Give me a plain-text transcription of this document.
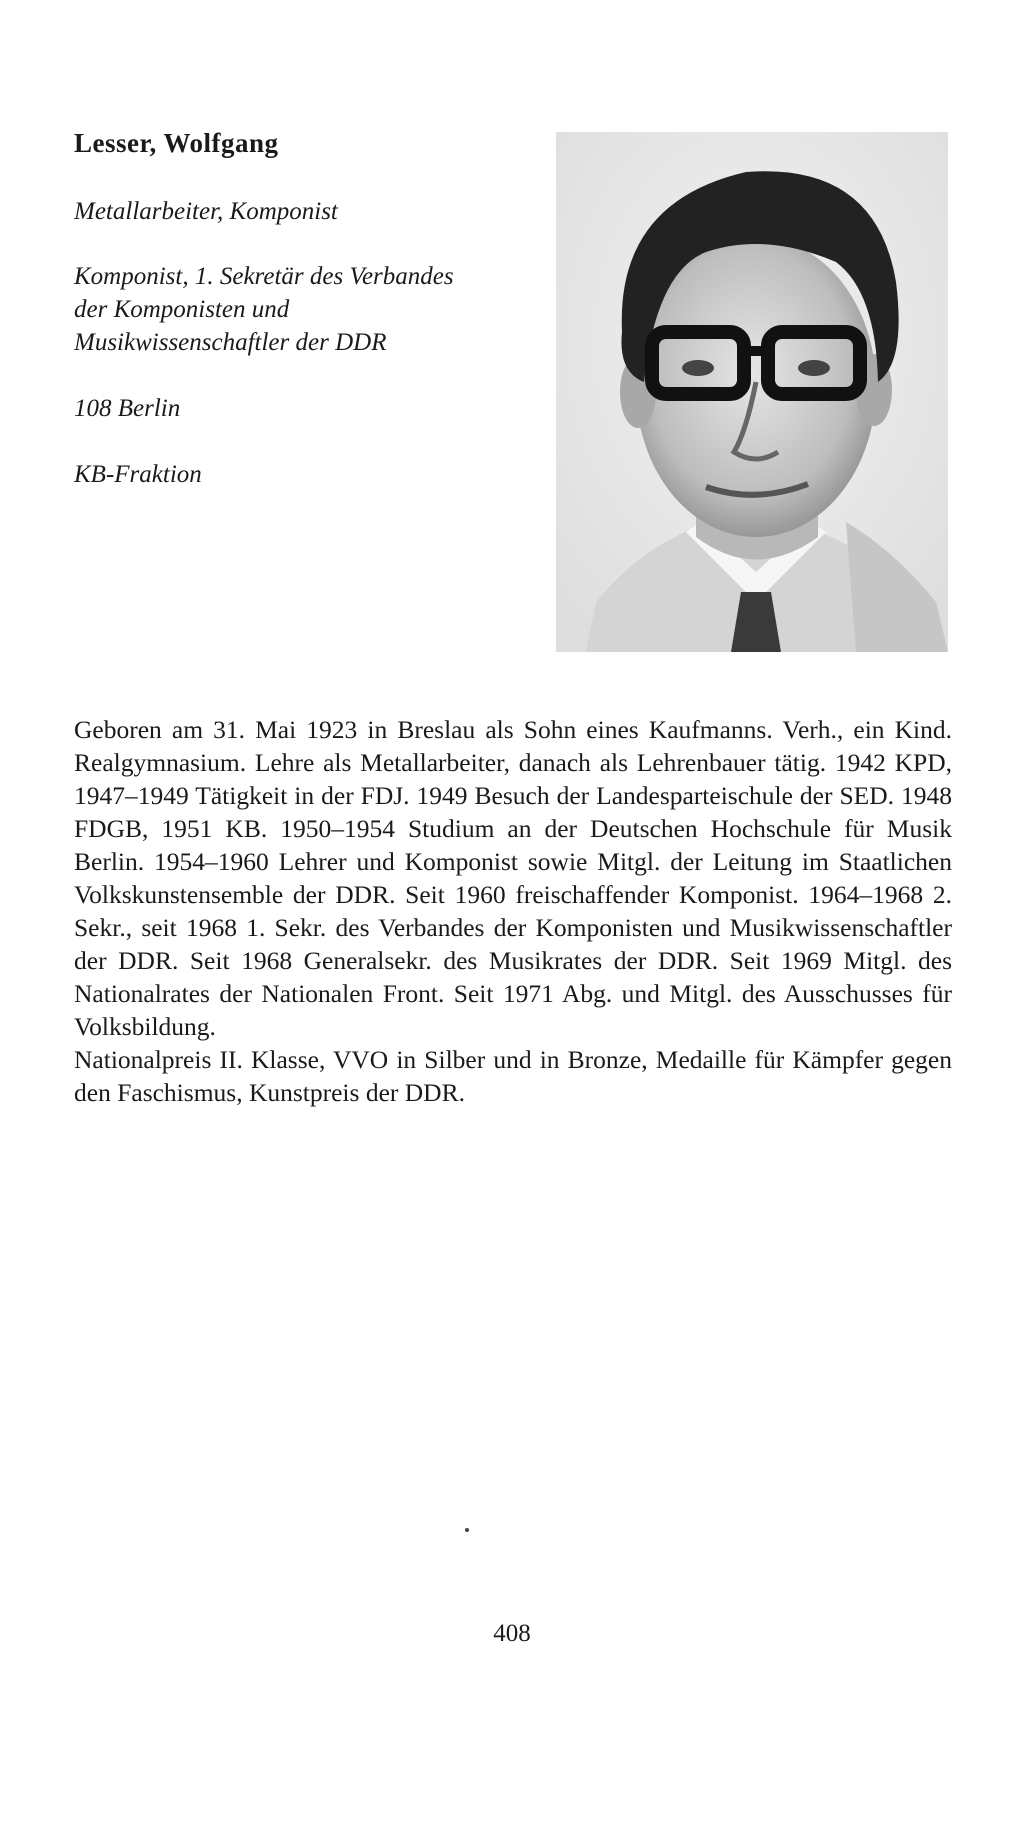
Lesser, Wolfgang
Metallarbeiter, Komponist
Komponist, 1. Sekretär des Verbandes der Komponisten und Musikwissenschaftler der DDR
108 Berlin
KB-Fraktion

Geboren am 31. Mai 1923 in Breslau als Sohn eines Kaufmanns. Verh., ein Kind. Realgymnasium. Lehre als Metallarbeiter, danach als Lehrenbauer tätig. 1942 KPD, 1947–1949 Tätigkeit in der FDJ. 1949 Besuch der Landesparteischule der SED. 1948 FDGB, 1951 KB. 1950–1954 Studium an der Deutschen Hochschule für Musik Berlin. 1954–1960 Lehrer und Komponist sowie Mitgl. der Leitung im Staatlichen Volkskunstensemble der DDR. Seit 1960 freischaffender Komponist. 1964–1968 2. Sekr., seit 1968 1. Sekr. des Verbandes der Komponisten und Musikwissenschaftler der DDR. Seit 1968 Generalsekr. des Musikrates der DDR. Seit 1969 Mitgl. des Nationalrates der Nationalen Front. Seit 1971 Abg. und Mitgl. des Ausschusses für Volksbildung.

Nationalpreis II. Klasse, VVO in Silber und in Bronze, Medaille für Kämpfer gegen den Faschismus, Kunstpreis der DDR.

408
